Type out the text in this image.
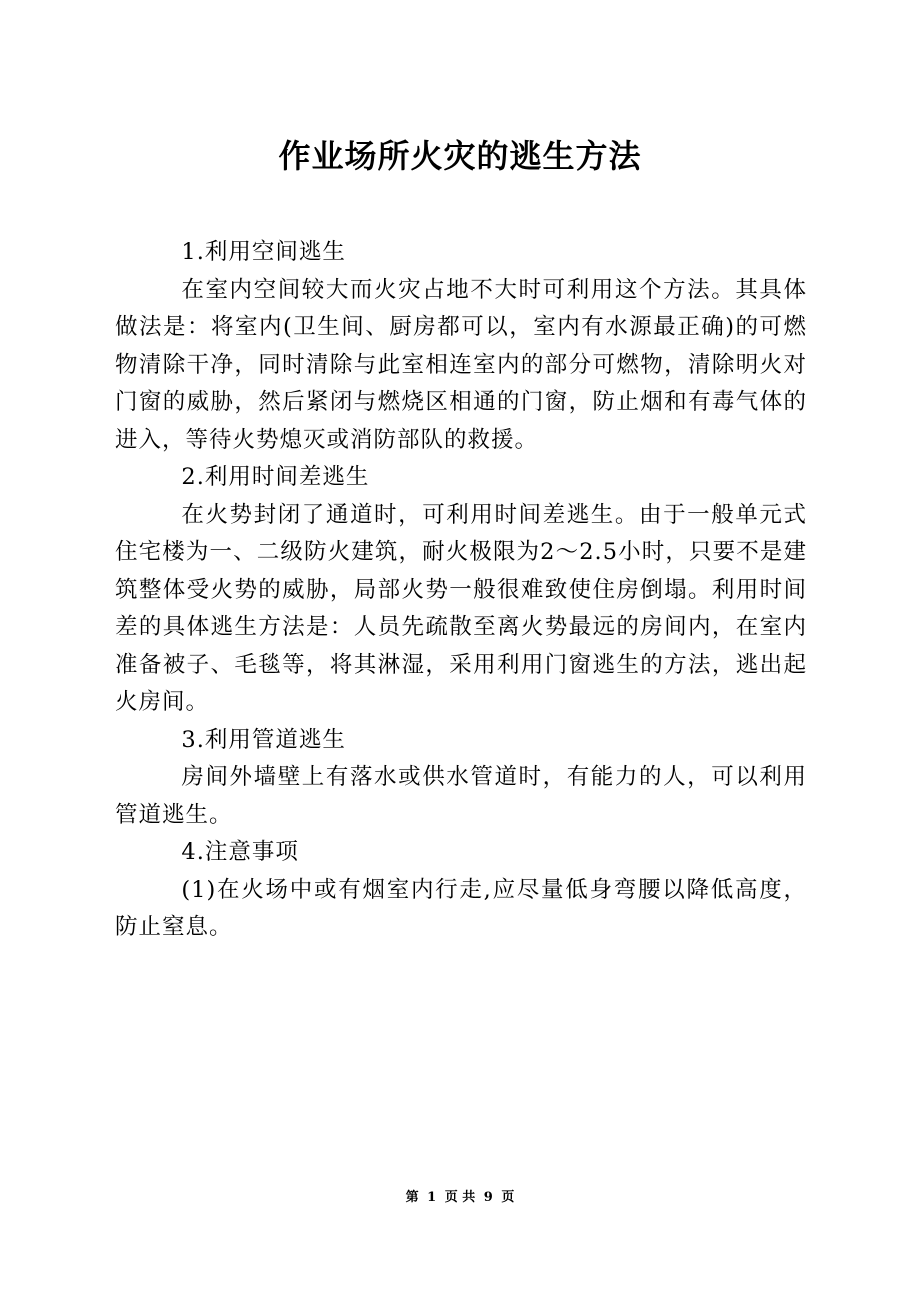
作业场所火灾的逃生方法

1.利用空间逃生

在室内空间较大而火灾占地不大时可利用这个方法。其具体做法是：将室内(卫生间、厨房都可以，室内有水源最正确)的可燃物清除干净，同时清除与此室相连室内的部分可燃物，清除明火对门窗的威胁，然后紧闭与燃烧区相通的门窗，防止烟和有毒气体的进入，等待火势熄灭或消防部队的救援。

2.利用时间差逃生

在火势封闭了通道时，可利用时间差逃生。由于一般单元式住宅楼为一、二级防火建筑，耐火极限为2～2.5小时，只要不是建筑整体受火势的威胁，局部火势一般很难致使住房倒塌。利用时间差的具体逃生方法是：人员先疏散至离火势最远的房间内，在室内准备被子、毛毯等，将其淋湿，采用利用门窗逃生的方法，逃出起火房间。

3.利用管道逃生

房间外墙壁上有落水或供水管道时，有能力的人，可以利用管道逃生。

4.注意事项

(1)在火场中或有烟室内行走,应尽量低身弯腰以降低高度，防止窒息。

第 1 页 共 9 页
